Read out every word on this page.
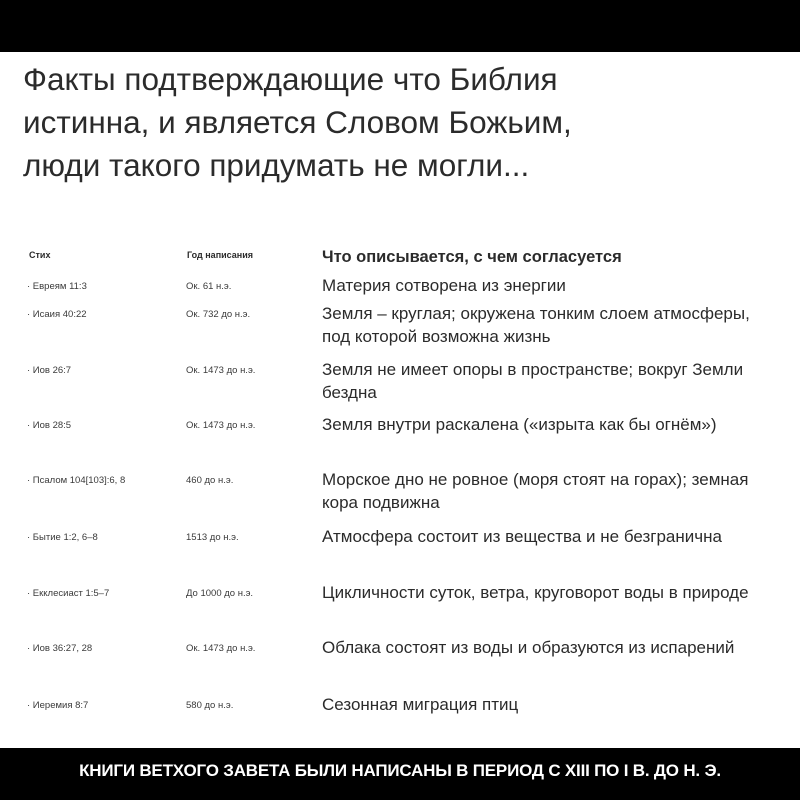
Факты подтверждающие что Библия
истинна, и является Словом Божьим,
люди такого придумать не могли...
Стих	Год написания	Что описывается, с чем согласуется
· Евреям 11:3	Ок. 61 н.э.	Материя сотворена из энергии
· Исаия 40:22	Ок. 732 до н.э.	Земля – круглая; окружена тонким слоем атмосферы, под которой возможна жизнь
· Иов 26:7	Ок. 1473 до н.э.	Земля не имеет опоры в пространстве; вокруг Земли бездна
· Иов 28:5	Ок. 1473 до н.э.	Земля внутри раскалена («изрыта как бы огнём»)
· Псалом 104[103]:6, 8	460 до н.э.	Морское дно не ровное (моря стоят на горах); земная кора подвижна
· Бытие 1:2, 6–8	1513 до н.э.	Атмосфера состоит из вещества и не безгранична
· Екклесиаст 1:5–7	До 1000 до н.э.	Цикличности суток, ветра, круговорот воды в природе
· Иов 36:27, 28	Ок. 1473 до н.э.	Облака состоят из воды и образуются из испарений
· Иеремия 8:7	580 до н.э.	Сезонная миграция птиц
КНИГИ ВЕТХОГО ЗАВЕТА БЫЛИ НАПИСАНЫ В ПЕРИОД С XIII ПО I В. ДО Н. Э.
